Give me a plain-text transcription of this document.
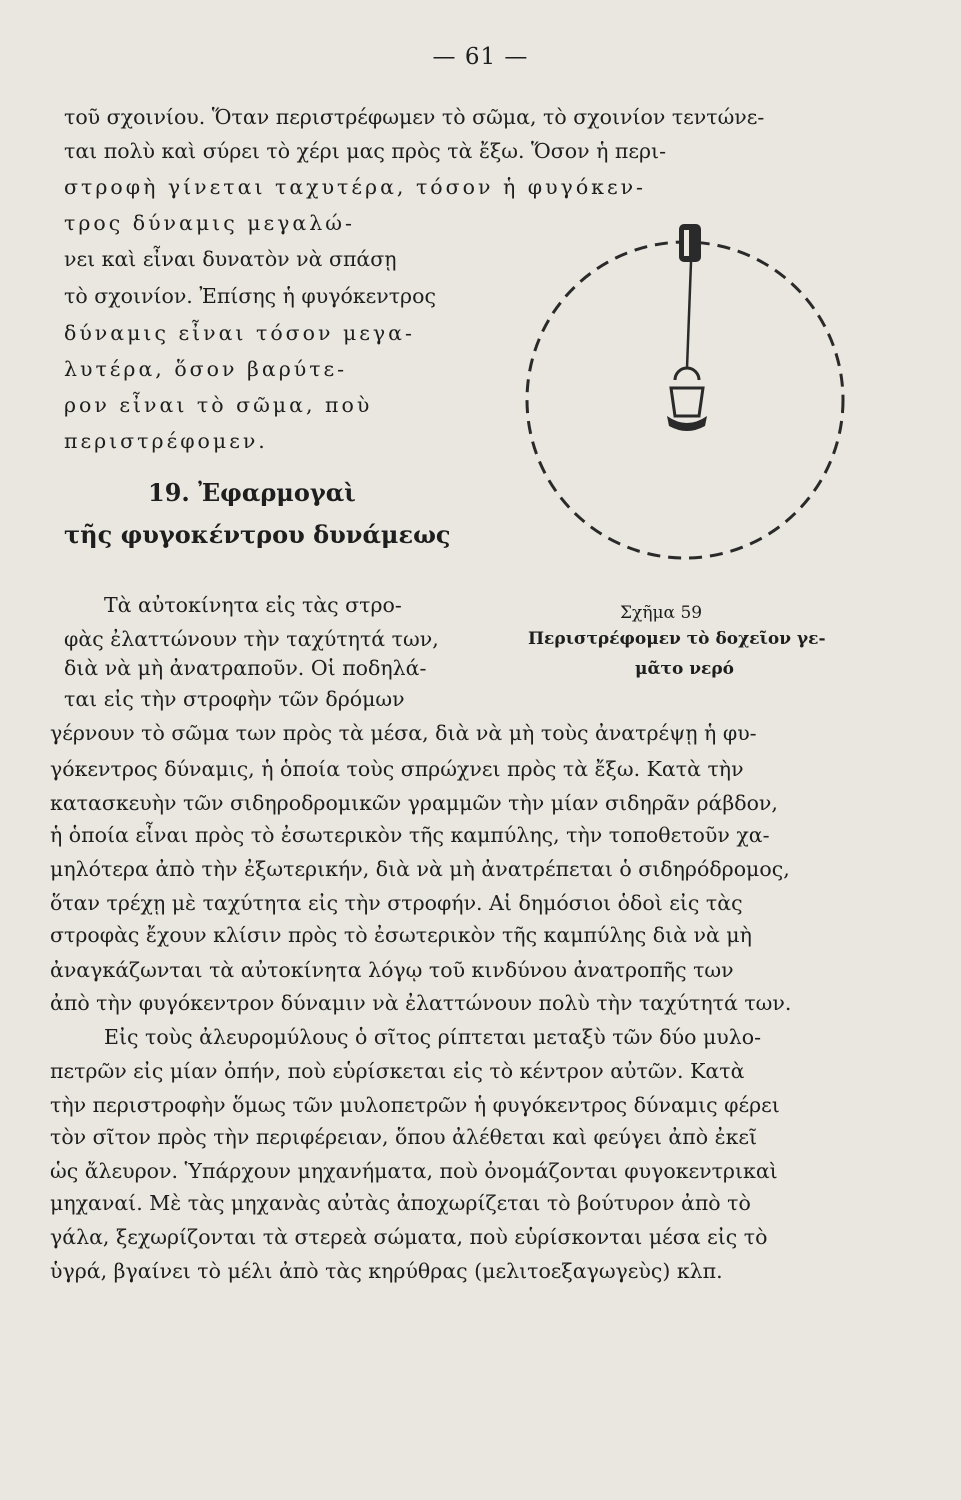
— 61 —
τοῦ σχοινίου. Ὅταν περιστρέφωμεν τὸ σῶμα, τὸ σχοινίον τεντώνε-
ται πολὺ καὶ σύρει τὸ χέρι μας πρὸς τὰ ἔξω. Ὅσον ἡ περι-
στροφὴ γίνεται ταχυτέρα, τόσον ἡ φυγόκεν-
τρος δύναμις μεγαλώ-
νει καὶ εἶναι δυνατὸν νὰ σπάσῃ
τὸ σχοινίον. Ἐπίσης ἡ φυγόκεντρος
δύναμις εἶναι τόσον μεγα-
λυτέρα, ὅσον βαρύτε-
ρον εἶναι τὸ σῶμα, ποὺ
περιστρέφομεν.
19. Ἐφαρμογαὶ
τῆς φυγοκέντρου δυνάμεως
Σχῆμα 59
Περιστρέφομεν τὸ δοχεῖον γε-
μᾶτο νερό
Τὰ αὐτοκίνητα εἰς τὰς στρο-
φὰς ἐλαττώνουν τὴν ταχύτητά των,
διὰ νὰ μὴ ἀνατραποῦν. Οἱ ποδηλά-
ται εἰς τὴν στροφὴν τῶν δρόμων
γέρνουν τὸ σῶμα των πρὸς τὰ μέσα, διὰ νὰ μὴ τοὺς ἀνατρέψῃ ἡ φυ-
γόκεντρος δύναμις, ἡ ὁποία τοὺς σπρώχνει πρὸς τὰ ἔξω. Κατὰ τὴν
κατασκευὴν τῶν σιδηροδρομικῶν γραμμῶν τὴν μίαν σιδηρᾶν ράβδον,
ἡ ὁποία εἶναι πρὸς τὸ ἐσωτερικὸν τῆς καμπύλης, τὴν τοποθετοῦν χα-
μηλότερα ἀπὸ τὴν ἐξωτερικήν, διὰ νὰ μὴ ἀνατρέπεται ὁ σιδηρόδρομος,
ὅταν τρέχῃ μὲ ταχύτητα εἰς τὴν στροφήν. Αἱ δημόσιοι ὁδοὶ εἰς τὰς
στροφὰς ἔχουν κλίσιν πρὸς τὸ ἐσωτερικὸν τῆς καμπύλης διὰ νὰ μὴ
ἀναγκάζωνται τὰ αὐτοκίνητα λόγῳ τοῦ κινδύνου ἀνατροπῆς των
ἀπὸ τὴν φυγόκεντρον δύναμιν νὰ ἐλαττώνουν πολὺ τὴν ταχύτητά των.
Εἰς τοὺς ἀλευρομύλους ὁ σῖτος ρίπτεται μεταξὺ τῶν δύο μυλο-
πετρῶν εἰς μίαν ὀπήν, ποὺ εὑρίσκεται εἰς τὸ κέντρον αὐτῶν. Κατὰ
τὴν περιστροφὴν ὅμως τῶν μυλοπετρῶν ἡ φυγόκεντρος δύναμις φέρει
τὸν σῖτον πρὸς τὴν περιφέρειαν, ὅπου ἀλέθεται καὶ φεύγει ἀπὸ ἐκεῖ
ὡς ἄλευρον. Ὑπάρχουν μηχανήματα, ποὺ ὀνομάζονται φυγοκεντρικαὶ
μηχαναί. Μὲ τὰς μηχανὰς αὐτὰς ἀποχωρίζεται τὸ βούτυρον ἀπὸ τὸ
γάλα, ξεχωρίζονται τὰ στερεὰ σώματα, ποὺ εὑρίσκονται μέσα εἰς τὸ
ὑγρά, βγαίνει τὸ μέλι ἀπὸ τὰς κηρύθρας (μελιτοεξαγωγεὺς) κλπ.
